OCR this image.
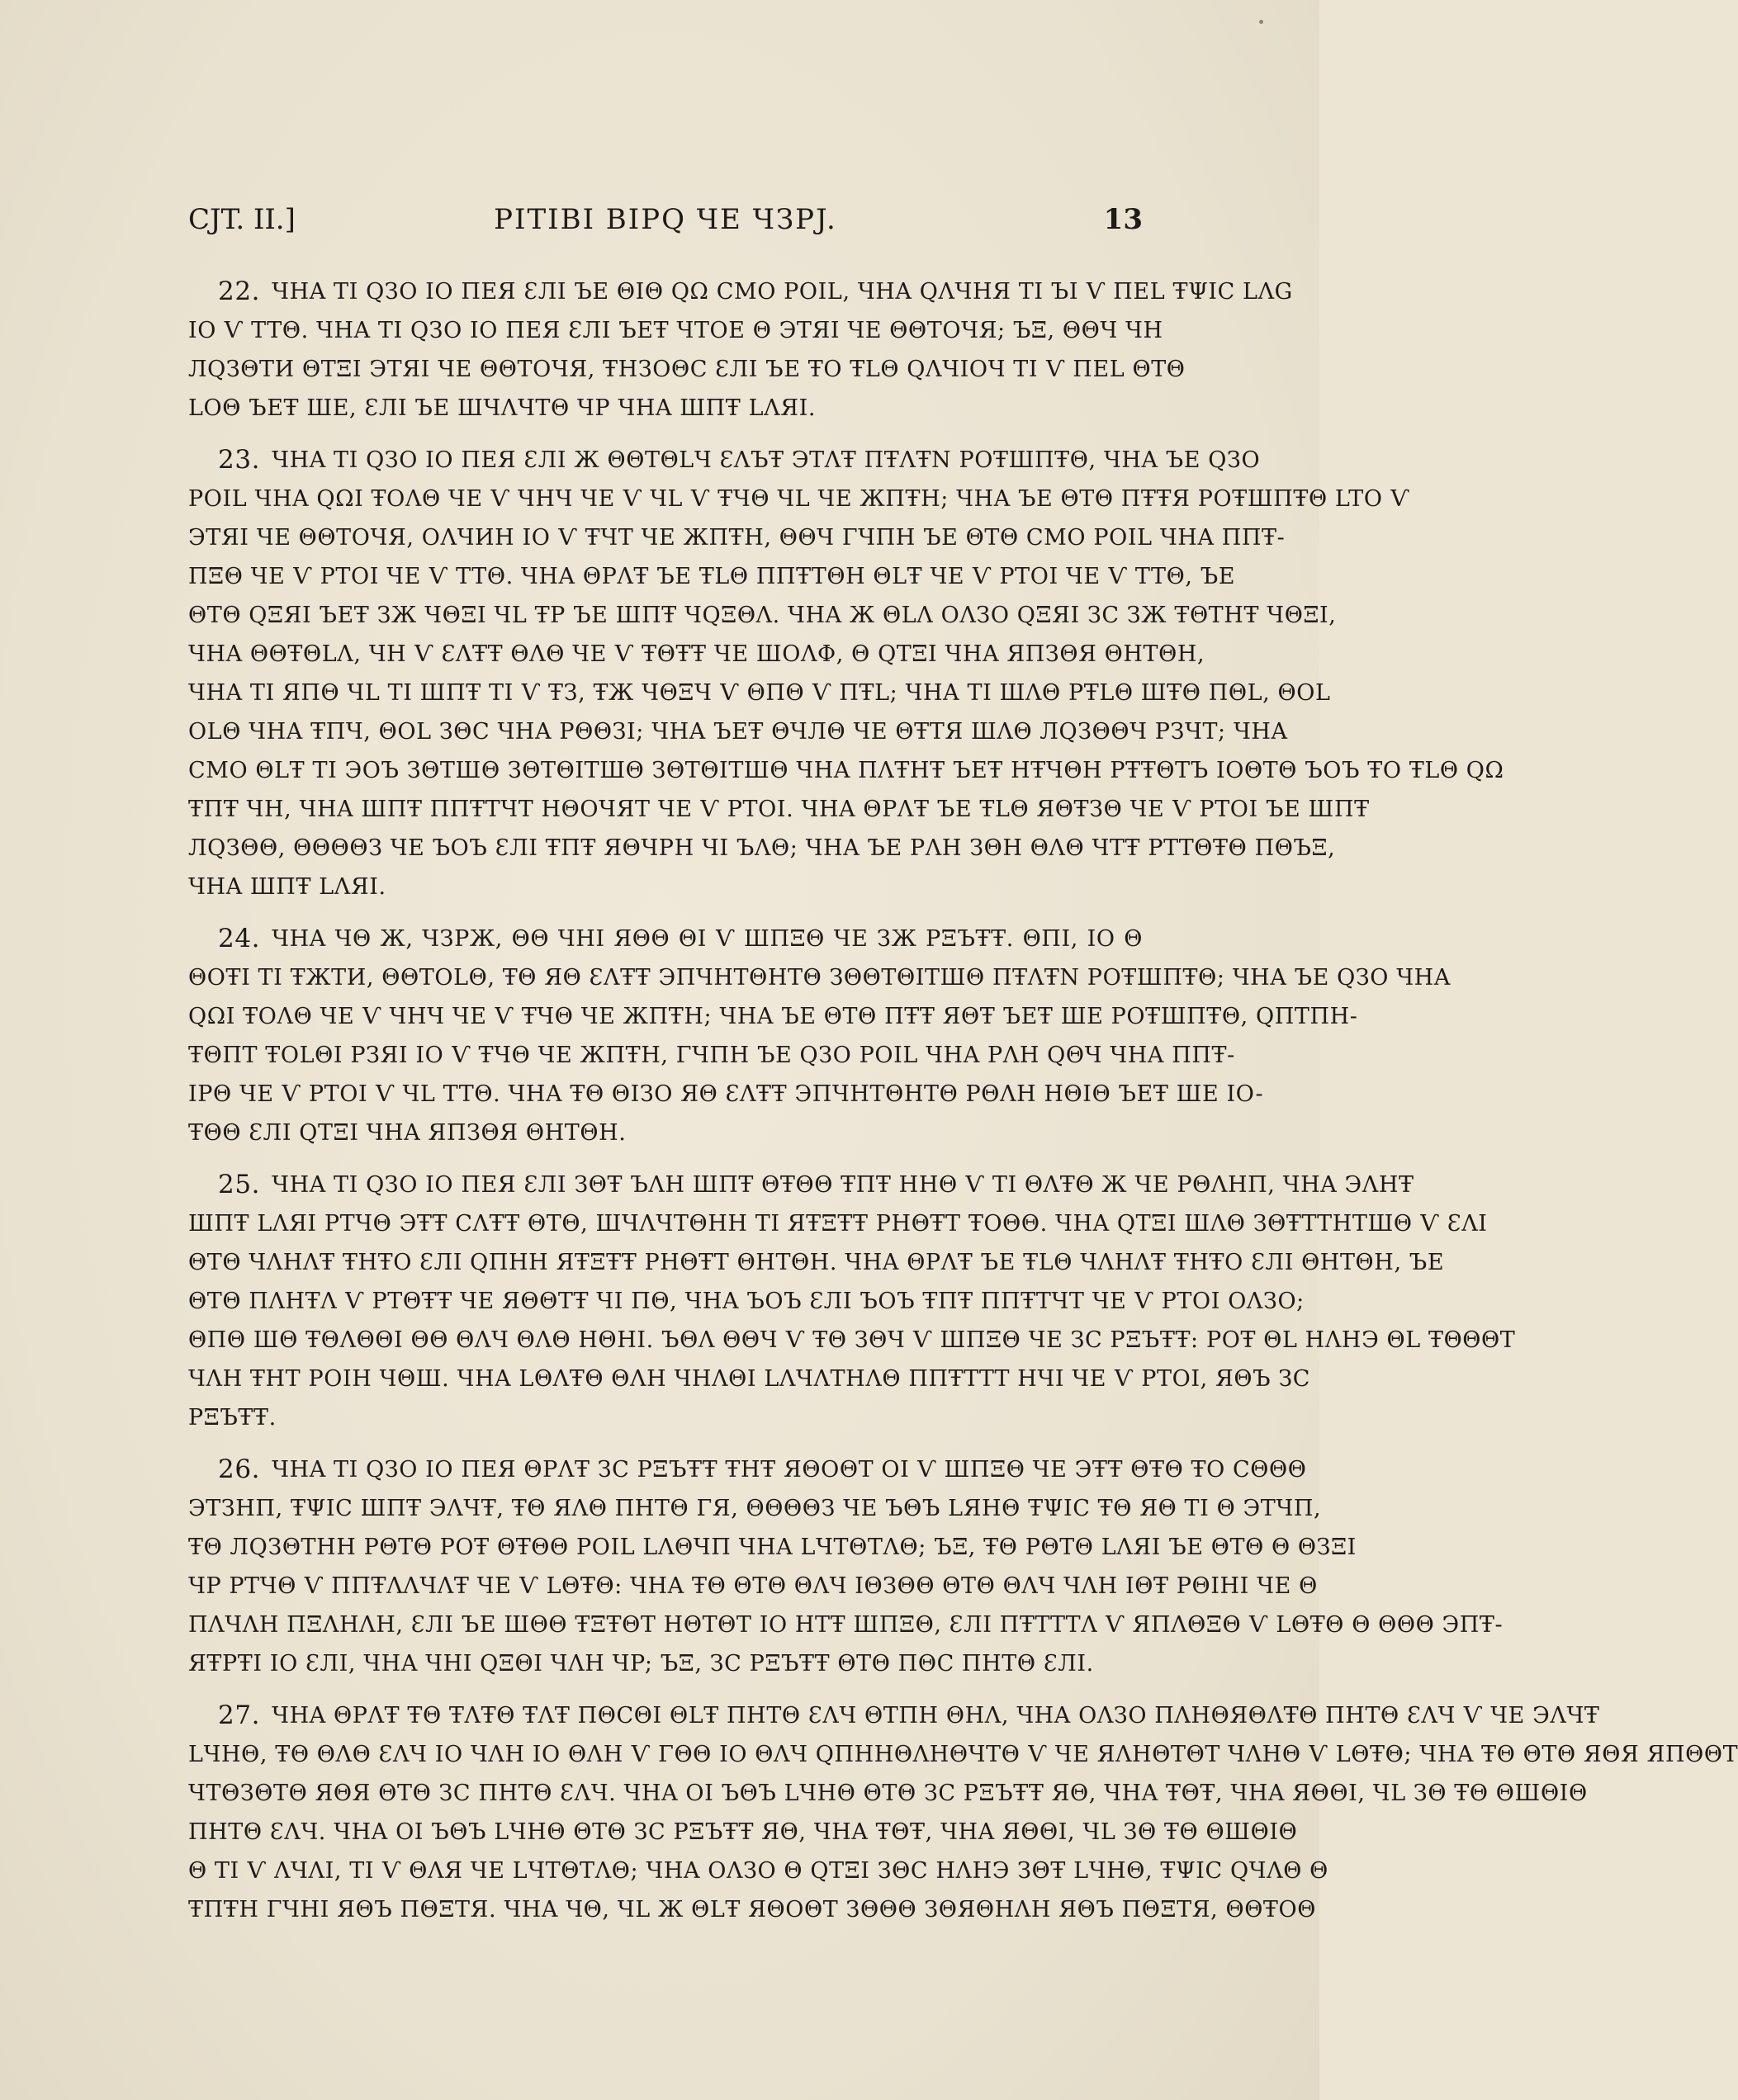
CJT. II.]	PITIBI BIPQ ЧE ЧЗPJ.	13
22. ЧHA ТI QЗO IO ПEЯ ƐЛI ЪE ΘΙΘ QΩ CMO POIL, ЧHA QΛЧHЯ ТI ЪI Ѵ ПEL ŦΨIC LΛG
IO Ѵ TTΘ. ЧHA ТI QЗO IO ПEЯ ƐЛI ЪEŦ ЧTOE Θ ЭΤЯI ЧE ΘΘΤOЧЯ; ЪΞ, ΘΘЧ ЧH
ЛQЗΘΤИ ΘΤΞI ЭΤЯI ЧE ΘΘΤOЧЯ, ŦΗЗOΘC ƐЛI ЪE ŦO ŦLΘ QΛЧIOЧ ΤI Ѵ ПEL ΘΤΘ
LOΘ ЪEŦ ШE, ƐЛI ЪE ШЧΛЧTΘ ЧP ЧHA ШΠŦ LΛЯI.
23. ЧHA ТI QЗO IO ПEЯ ƐЛI Ж ΘΘΤΘLЧ ƐΛЪŦ ЭΤΛŦ ПŦΛŦΝ POŦШΠŦΘ, ЧHA ЪE QЗO
POIL ЧHA QΩI ŦOΛΘ ЧE Ѵ ЧHЧ ЧE Ѵ ЧL Ѵ ŦЧΘ ЧL ЧE ЖΠŦН; ЧHA ЪE ΘΤΘ ПŦŦЯ POŦШΠŦΘ LTO Ѵ
ЭΤЯI ЧE ΘΘΤOЧЯ, OΛЧИΗ IO Ѵ ŦЧΤ ЧE ЖΠŦН, ΘΘЧ ΓЧΠΗ ЪE ΘΤΘ CMO POIL ЧHA ПΠŦ-
ПΞΘ ЧE Ѵ PΤOΙ ЧE Ѵ TTΘ. ЧHA ΘPΛŦ ЪE ŦLΘ ПΠŦΤΘΗ ΘLŦ ЧE Ѵ PΤOΙ ЧE Ѵ TTΘ, ЪE
ΘΤΘ QΞЯI ЪEŦ ЗЖ ЧΘΞI ЧL ŦP ЪE ШΠŦ ЧQΞΘΛ. ЧHA Ж ΘLΛ OΛЗO QΞЯI ЗC ЗЖ ŦΘΤΗŦ ЧΘΞI,
ЧHA ΘΘŦΘLΛ, ЧΗ Ѵ ƐΛŦŦ ΘΛΘ ЧE Ѵ ŦΘŦŦ ЧE ШOΛΦ, Θ QΤΞI ЧHA ЯΠЗΘЯ ΘΗΤΘΗ,
ЧHA ТI ЯΠΘ ЧL ТI ШΠŦ ТI Ѵ ŦЗ, ŦЖ ЧΘΞЧ Ѵ ΘΠΘ Ѵ ΠŦL; ЧHA ТI ШΛΘ PŦLΘ ШŦΘ ПΘL, ΘOL
OLΘ ЧHA ŦΠЧ, ΘOL ЗΘC ЧHA PΘΘЗI; ЧHA ЪEŦ ΘЧЛΘ ЧE ΘŦΤЯ ШΛΘ ЛQЗΘΘЧ PЗЧΤ; ЧHA
CMO ΘLŦ ΤI ЭOЪ ЗΘΤШΘ ЗΘΤΘΙΤШΘ ЗΘΤΘΙΤШΘ ЧHA ПΛŦΗŦ ЪEŦ ΗŦЧΘΗ PŦŦΘΤЪ IOΘΤΘ ЪOЪ ŦO ŦLΘ QΩ
ŦΠŦ ЧΗ, ЧHA ШΠŦ ПΠŦΤЧΤ ΗΘΟЧЯΤ ЧE Ѵ PΤOΙ. ЧHA ΘPΛŦ ЪE ŦLΘ ЯΘŦЗΘ ЧE Ѵ PΤOΙ ЪE ШΠŦ
ЛQЗΘΘ, ΘΘΘΘЗ ЧE ЪOЪ ƐЛI ŦΠŦ ЯΘЧPΗ ЧI ЪΛΘ; ЧHA ЪE PΛΗ ЗΘΗ ΘΛΘ ЧΤŦ PΤΤΘŦΘ ПΘЪΞ,
ЧHA ШΠŦ LΛЯI.
24. ЧHA ЧΘ Ж, ЧЗPЖ, ΘΘ ЧΗΙ ЯΘΘ ΘΙ Ѵ ШΠΞΘ ЧE ЗЖ PΞЪŦŦ. ΘΠΙ, IO Θ
ΘOŦΙ ТI ŦЖΤИ, ΘΘΤOLΘ, ŦΘ ЯΘ ƐΛŦŦ ЭΠЧΗΤΘΗΤΘ ЗΘΘΤΘΙΤШΘ ПŦΛŦΝ POŦШΠŦΘ; ЧHA ЪE QЗO ЧHA
QΩI ŦOΛΘ ЧE Ѵ ЧHЧ ЧE Ѵ ŦЧΘ ЧE ЖΠŦН; ЧHA ЪE ΘΤΘ ПŦŦ ЯΘŦ ЪEŦ ШE POŦШΠŦΘ, QΠΤΠΗ-
ŦΘΠΤ ŦOLΘI PЗЯI IO Ѵ ŦЧΘ ЧE ЖΠŦН, ΓЧΠΗ ЪE QЗO POIL ЧHA PΛΗ QΘЧ ЧHA ПΠŦ-
IPΘ ЧE Ѵ PΤOΙ Ѵ ЧL TTΘ. ЧHA ŦΘ ΘΙЗO ЯΘ ƐΛŦŦ ЭΠЧΗΤΘΗΤΘ PΘΛΗ ΗΘΙΘ ЪEŦ ШE IO-
ŦΘΘ ƐЛI QΤΞI ЧHA ЯΠЗΘЯ ΘΗΤΘΗ.
25. ЧHA ТI QЗO IO ПEЯ ƐЛI ЗΘŦ ЪΛΗ ШΠŦ ΘŦΘΘ ŦΠŦ ΗΗΘ Ѵ ΤI ΘΛŦΘ Ж ЧE PΘΛΗΠ, ЧHA ЭΛΗŦ
ШΠŦ LΛЯI PΤЧΘ ЭŦŦ CΛŦŦ ΘΤΘ, ШЧΛЧTΘΗΗ ТI ЯŦΞŦŦ PΗΘŦΤ ŦOΘΘ. ЧHA QΤΞI ШΛΘ ЗΘŦΤΤΗΤШΘ Ѵ ƐΛI
ΘΤΘ ЧΛΗΛŦ ŦΗŦO ƐЛI QΠΗΗ ЯŦΞŦŦ PΗΘŦΤ ΘΗΤΘΗ. ЧHA ΘPΛŦ ЪE ŦLΘ ЧΛΗΛŦ ŦΗŦO ƐЛI ΘΗΤΘΗ, ЪE
ΘΤΘ ПΛΗŦΛ Ѵ PΤΘŦŦ ЧE ЯΘΘΤŦ ЧI ΠΘ, ЧHA ЪOЪ ƐЛI ЪOЪ ŦΠŦ ПΠŦΤЧΤ ЧE Ѵ PΤOΙ OΛЗO;
ΘΠΘ ШΘ ŦΘΛΘΘΙ ΘΘ ΘΛЧ ΘΛΘ ΗΘΗΙ. ЪΘΛ ΘΘЧ Ѵ ŦΘ ЗΘЧ Ѵ ШΠΞΘ ЧE ЗC PΞЪŦŦ: POŦ ΘL ΗΛΗЭ ΘL ŦΘΘΘΤ
ЧΛΗ ŦΗΤ POIH ЧΘШ. ЧHA LΘΛŦΘ ΘΛΗ ЧΗΛΘΙ LΛЧΛΤΗΛΘ ПΠŦΤΤΤ ΗЧΙ ЧE Ѵ PΤOΙ, ЯΘЪ ЗC
PΞЪŦŦ.
26. ЧHA ТI QЗO IO ПEЯ ΘPΛŦ ЗC PΞЪŦŦ ŦΗŦ ЯΘOΘΤ OI Ѵ ШΠΞΘ ЧE ЭŦŦ ΘŦΘ ŦO CΘΘΘ
ЭΤЗΗΠ, ŦΨIC ШΠŦ ЭΛЧŦ, ŦΘ ЯΛΘ ΠΗΤΘ ΓЯ, ΘΘΘΘЗ ЧE ЪΘЪ LЯΗΘ ŦΨIC ŦΘ ЯΘ ТI Θ ЭΤЧΠ,
ŦΘ ЛQЗΘΤΗΗ PΘΤΘ POŦ ΘŦΘΘ POIL LΛΘЧΠ ЧHA LЧΤΘΤΛΘ; ЪΞ, ŦΘ PΘΤΘ LΛЯI ЪE ΘΤΘ Θ ΘЗΞI
ЧP PΤЧΘ Ѵ ПΠŦΛΛЧΛŦ ЧE Ѵ LΘŦΘ: ЧHA ŦΘ ΘΤΘ ΘΛЧ ΙΘЗΘΘ ΘΤΘ ΘΛЧ ЧΛΗ ΙΘŦ PΘΙΗΙ ЧE Θ
ПΛЧΛΗ ПΞΛΗΛΗ, ƐЛI ЪE ШΘΘ ŦΞŦΘΤ ΗΘΤΘΤ IO ΗΤŦ ШΠΞΘ, ƐЛI ПŦΤΤΤΛ Ѵ ЯΠΛΘΞΘ Ѵ LΘŦΘ Θ ΘΘΘ ЭΠŦ-
ЯŦΡŦI IO ƐЛI, ЧHA ЧΗΙ QΞΘΙ ЧΛΗ ЧP; ЪΞ, ЗC PΞЪŦŦ ΘΤΘ ПΘC ΠΗΤΘ ƐЛI.
27. ЧHA ΘPΛŦ ŦΘ ŦΛŦΘ ŦΛŦ ПΘCΘΙ ΘLŦ ΠΗΤΘ ƐΛЧ ΘΤΠΗ ΘΗΛ, ЧHA OΛЗO ПΛΗΘЯΘΛŦΘ ΠΗΤΘ ƐΛЧ Ѵ ЧE ЭΛЧŦ
LЧΗΘ, ŦΘ ΘΛΘ ƐΛЧ IO ЧΛΗ IO ΘΛΗ Ѵ ΓΘΘ IO ΘΛЧ QΠΗΗΘΛΗΘЧΤΘ Ѵ ЧE ЯΛΗΘΤΘΤ ЧΛΗΘ Ѵ LΘŦΘ; ЧHA ŦΘ ΘΤΘ ЯΘЯ ЯΠΘΘΤ
ЧΤΘЗΘΤΘ ЯΘЯ ΘΤΘ ЗC ΠΗΤΘ ƐΛЧ. ЧHA OI ЪΘЪ LЧΗΘ ΘΤΘ ЗC PΞЪŦŦ ЯΘ, ЧHA ŦΘŦ, ЧHA ЯΘΘΙ, ЧL ЗΘ ŦΘ ΘШΘΙΘ
ΠΗΤΘ ƐΛЧ. ЧHA OI ЪΘЪ LЧΗΘ ΘΤΘ ЗC PΞЪŦŦ ЯΘ, ЧHA ŦΘŦ, ЧHA ЯΘΘΙ, ЧL ЗΘ ŦΘ ΘШΘΙΘ
Θ ТI Ѵ ΛЧΛΙ, ТI Ѵ ΘΛЯ ЧE LЧΤΘΤΛΘ; ЧHA OΛЗO Θ QΤΞI ЗΘC ΗΛΗЭ ЗΘŦ LЧΗΘ, ŦΨIC QЧΛΘ Θ
ŦΠŦΗ ΓЧΗΙ ЯΘЪ ПΘΞΤЯ. ЧHA ЧΘ, ЧL Ж ΘLŦ ЯΘOΘΤ ЗΘΘΘ ЗΘЯΘΗΛΗ ЯΘЪ ПΘΞΤЯ, ΘΘŦOΘ
